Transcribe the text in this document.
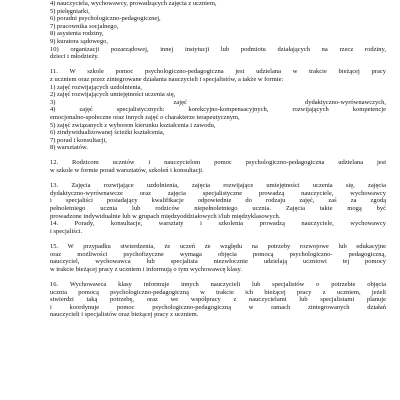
4) nauczyciela, wychowawcy, prowadzących zajęcia z uczniem,
5) pielęgniarki,
6) poradni psychologiczno-pedagogicznej,
7) pracownika socjalnego,
8) asystenta rodziny,
9) kuratora sądowego,
10) organizacji pozarządowej, innej instytucji lub podmiotu działających na rzecz rodziny,
dzieci i młodzieży.
11. W szkole pomoc psychologiczno-pedagogiczna jest udzielana w trakcie bieżącej pracy
z uczniem oraz przez zintegrowane działania nauczycieli i specjalistów, a także w formie:
1) zajęć rozwijających uzdolnienia,
2) zajęć rozwijających umiejętności uczenia się,
3) zajęć dydaktyczno-wyrównawczych,
4) zajęć specjalistycznych: korekcyjno-kompensacyjnych, rozwijających kompetencje
emocjonalno-społeczne oraz innych zajęć o charakterze terapeutycznym,
5) zajęć związanych z wyborem kierunku kształcenia i zawodu,
6) zindywidualizowanej ścieżki kształcenia,
7) porad i konsultacji,
8) warsztatów.
12. Rodzicom uczniów i nauczycielom pomoc psychologiczno-pedagogiczna udzielana jest
w szkole w formie porad warsztatów, szkoleń i konsultacji.
13. Zajęcia rozwijające uzdolnienia, zajęcia rozwijające umiejętności uczenia się, zajęcia
dydaktyczno-wyrównawcze oraz zajęcia specjalistyczne prowadzą nauczyciele, wychowawcy
i specjaliści posiadający kwalifikacje odpowiednie do rodzaju zajęć, zaś za zgodą
pełnoletniego ucznia lub rodziców niepełnoletniego ucznia. Zajęcia takie mogą być
prowadzone indywidualnie lub w grupach międzyoddziałowych i/lub międzyklasowych.
14. Porady, konsultacje, warsztaty i szkolenia prowadzą nauczyciele, wychowawcy
i specjaliści.
15. W przypadku stwierdzenia, że uczeń ze względu na potrzeby rozwojowe lub edukacyjne
oraz możliwości psychofizyczne wymaga objęcia pomocą psychologiczno- pedagogiczną,
nauczyciel, wychowawca lub specjalista niezwłocznie udzielają uczniowi tej pomocy
w trakcie bieżącej pracy z uczniem i informują o tym wychowawcę klasy.
16. Wychowawca klasy informuje innych nauczycieli lub specjalistów o potrzebie objęcia
ucznia pomocą psychologiczno-pedagogiczną w trakcie ich bieżącej pracy z uczniem, jeżeli
stwierdzi taką potrzebę, oraz we współpracy z nauczycielami lub specjalistami planuje
i koordynuje pomoc psychologiczno-pedagogiczną w ramach zintegrowanych działań
nauczycieli i specjalistów oraz bieżącej pracy z uczniem.
